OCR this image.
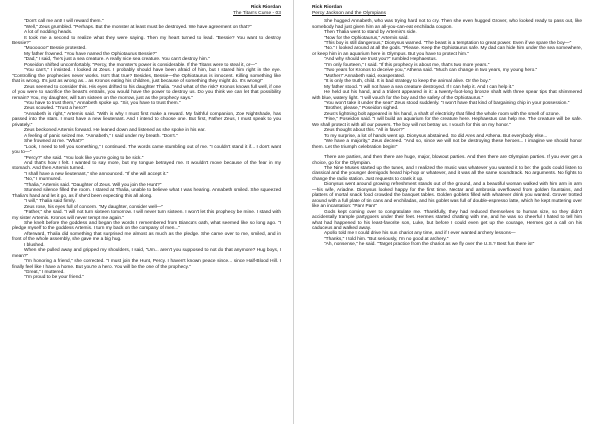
Rick Riordan
The Titan's Curse - 03

"Don't call me ant! I will reward them."

"Well," Zeus grumbled. "Perhaps. But the monster at least must be destroyed. We have agreement on that?"

A lot of nodding heads.

It took me a second to realize what they were saying. Then my heart turned to lead. "Bessie? You want to destroy Bessie?"

"Moooooo!" Bessie protested.

My father frowned. "You have named the Ophiotaurus Bessie?"

"Dad," I said, "he's just a sea creature. A really nice sea creature. You can't destroy him."

Poseidon shifted uncomfortably. "Percy, the monster's power is considerable. If the Titans were to steal it, or—"

"You can't," I insisted. I looked at Zeus. I probably should have been afraid of him, but I stared him right in the eye. "Controlling the prophecies never works. Isn't that true? Besides, Bessie—the Ophiotaurus is innocent. Killing something like that is wrong. It's just as wrong as... as Kronos eating his children, just because of something they might do. It's wrong!"

Zeus seemed to consider this. His eyes drifted to his daughter Thalia. "And what of the risk? Kronos knows full well, if one of you were to sacrifice the beast's entrails, you would have the power to destroy us. Do you think we can let that possibility remain? You, my daughter, will turn sixteen on the morrow, just as the prophecy says."

"You have to trust them," Annabeth spoke up. "Sir, you have to trust them."

Zeus scowled. "Trust a hero?"

"Annabeth is right," Artemis said. "With is why I must first make a reward. My faithful companion, Zoe Nightshade, has passed into the stars. I must have a new lieutenant. And I intend to choose one. But first, Father Zeus, I must speak to you privately."

Zeus beckoned Artemis forward. He leaned down and listened as she spoke in his ear.

A feeling of panic seized me. "Annabeth," I said under my breath. "Don't."

She frowned at me. "What?"

"Look, I need to tell you something," I continued. The words came stumbling out of me. "I couldn't stand it if... I don't want you to—"

"Percy?" she said. "You look like you're going to be sick."

And that's how I felt. I wanted to say more, but my tongue betrayed me. It wouldn't move because of the fear in my stomach. And then Artemis turned.

"I shall have a new lieutenant," she announced. "If she will accept it."

"No," I murmured.

"Thalia," Artemis said. "Daughter of Zeus. Will you join the Hunt?"

Stunned silence filled the room. I stared at Thalia, unable to believe what I was hearing. Annabeth smiled. She squeezed Thalia's hand and let it go, as if she'd been expecting this all along.

"I will," Thalia said firmly.

Zeus rose, his eyes full of concern. "My daughter, consider well—"

"Father," she said. "I will not turn sixteen tomorrow. I will never turn sixteen. I won't let this prophecy be mine. I stand with my sister Artemis. Kronos will never tempt me again."

She knelt before the goddess and began the words I remembered from Bianca's oath, what seemed like so long ago. "I pledge myself to the goddess Artemis. I turn my back on the company of men..."

Afterward, Thalia did something that surprised me almost as much as the pledge. She came over to me, smiled, and in front of the whole assembly, she gave me a big hug.

I blushed.

When she pulled away and gripped my shoulders, I said, "Um... aren't you supposed to not do that anymore? Hug boys, I mean?"

"I'm honoring a friend," she corrected. "I must join the Hunt, Percy. I haven't known peace since... since Half-Blood Hill. I finally feel like I have a home. But you're a hero. You will be the one of the prophecy."

"Great," I muttered.

"I'm proud to be your friend."

Rick Riordan
Percy Jackson and the Olympians

She hugged Annabeth, who was trying hard not to cry. Then she even hugged Grover, who looked ready to pass out, like somebody had just given him an all-you-can-eat enchilada coupon.

Then Thalia went to stand by Artemis's side.

"Now for the Ophiotaurus," Artemis said.

"This boy is still dangerous," Dionysus warned. "The beast is a temptation to great power. Even if we spare the boy—"

"No." I looked around at all the gods. "Please. Keep the Ophiotaurus safe. My dad can hide him under the sea somewhere, or keep him in an aquarium here in Olympus. But you have to protect him."

"And why should we trust you?" rumbled Hephaestus.

"I'm only fourteen," I said. "If this prophecy is about me, that's two more years."

"Two years for Kronos to deceive you," Athena said. "Much can change in two years, my young hero."

"Mother!" Annabeth said, exasperated.

"It is only the truth, child. It is bad strategy to keep the animal alive. Or the boy."

My father stood. "I will not have a sea creature destroyed. If I can help it. And I can help it."

He held out his hand, and a trident appeared in it: a twenty-foot-long bronze shaft with three spear tips that shimmered with blue, watery light. "I will vouch for the boy and the safety of the Ophiotaurus."

"You won't take it under the sea!" Zeus stood suddenly. "I won't have that kind of bargaining chip in your possession."

"Brother, please," Poseidon sighed.

Zeus's lightning bolt appeared in his hand, a shaft of electricity that filled the whole room with the smell of ozone.

"Fine," Poseidon said. "I will build an aquarium for the creature here. Hephaestus can help me. The creature will be safe. We shall protect it with all our powers. The boy will not betray us. I vouch for this on my honor."

Zeus thought about this. "All in favor?"

To my surprise, a lot of hands went up. Dionysus abstained. So did Ares and Athena. But everybody else...

"We have a majority," Zeus decreed. "And so, since we will not be destroying these heroes... I imagine we should honor them. Let the triumph celebration begin!"

There are parties, and then there are huge, major, blowout parties. And then there are Olympian parties. If you ever get a choice, go for the Olympian.

The Nine Muses started up the tunes, and I realized the music was whatever you wanted it to be: the gods could listen to classical and the younger demigods heard hip-hop or whatever, and it was all the same soundtrack. No arguments. No fights to change the radio station. Just requests to crank it up.

Dionysus went around growing refreshment stands out of the ground, and a beautiful woman walked with him arm in arm—his wife, Ariadne. Dionysus looked happy for the first time. Nectar and ambrosia overflowed from golden fountains, and platters of mortal snack food crowded the banquet tables. Golden goblets filled with whatever drink you wanted. Grover trotted around with a full plate of tin cans and enchiladas, and his goblet was full of double-espresso latte, which he kept muttering over like an incantation: "Pan! Pan!"

Gods kept coming over to congratulate me. Thankfully, they had reduced themselves to human size, so they didn't accidentally trample partygoers under their feet. Hermes started chatting with me, and he was so cheerful I hated to tell him what had happened to his least-favorite son, Luke, but before I could even get up the courage, Hermes got a call on his caduceus and walked away.

Apollo told me I could drive his sun chariot any time, and if I ever wanted archery lessons—

"Thanks," I told him. "But seriously, I'm no good at archery."

"Ah, nonsense," he said. "Target practice from the chariot as we fly over the U.S.? Best fun there is!"
